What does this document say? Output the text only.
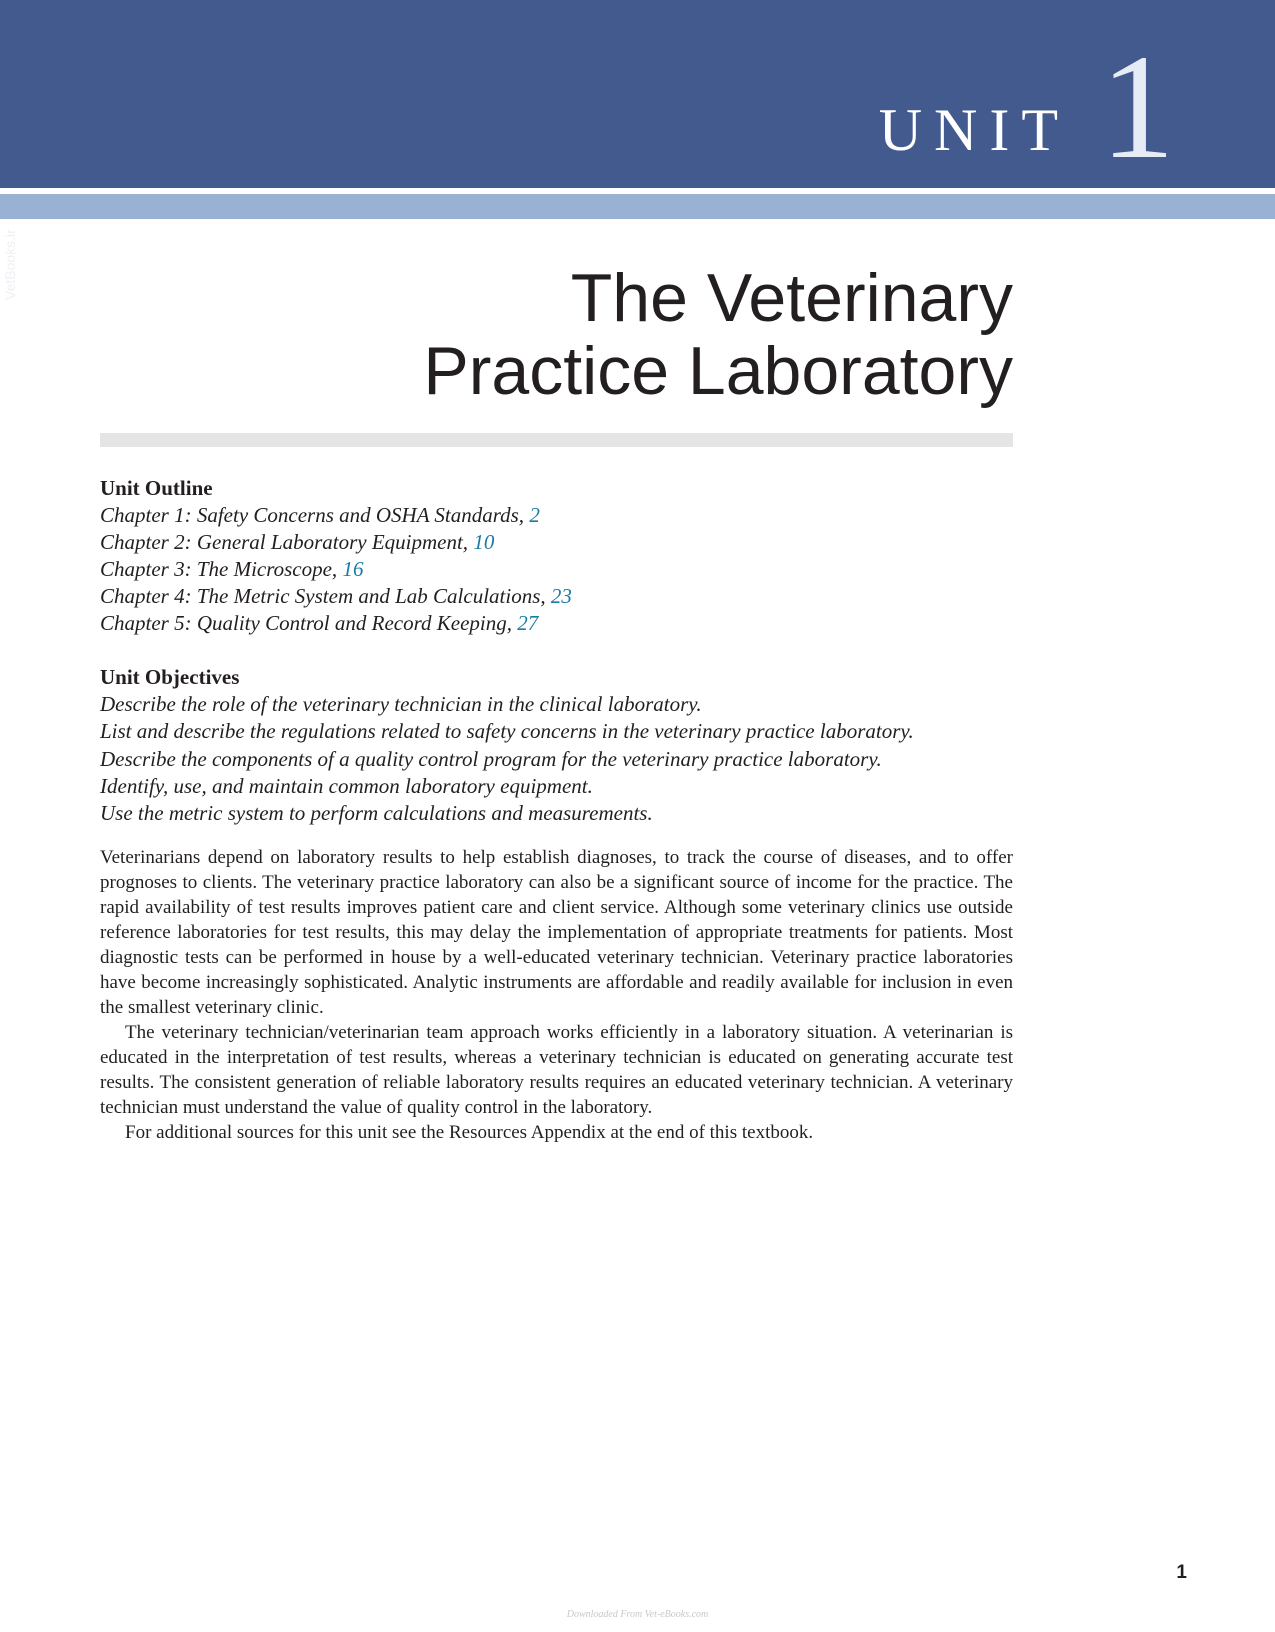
UNIT 1
VetBooks.ir	The Veterinary
Practice Laboratory
Unit Outline
Chapter 1: Safety Concerns and OSHA Standards, 2
Chapter 2: General Laboratory Equipment, 10
Chapter 3: The Microscope, 16
Chapter 4: The Metric System and Lab Calculations, 23
Chapter 5: Quality Control and Record Keeping, 27
Unit Objectives
Describe the role of the veterinary technician in the clinical laboratory.
List and describe the regulations related to safety concerns in the veterinary practice laboratory.
Describe the components of a quality control program for the veterinary practice laboratory.
Identify, use, and maintain common laboratory equipment.
Use the metric system to perform calculations and measurements.

Veterinarians depend on laboratory results to help establish diagnoses, to track the course of diseases, and to offer prognoses to clients. The veterinary practice laboratory can also be a significant source of income for the practice. The rapid availability of test results improves patient care and client service. Although some veterinary clinics use outside reference laboratories for test results, this may delay the implementation of appropriate treatments for patients. Most diagnostic tests can be performed in house by a well-educated veterinary technician. Veterinary practice laboratories have become increasingly sophisticated. Analytic instruments are affordable and readily available for inclusion in even the smallest veterinary clinic.

The veterinary technician/veterinarian team approach works efficiently in a laboratory situation. A veterinarian is educated in the interpretation of test results, whereas a veterinary technician is educated on generating accurate test results. The consistent generation of reliable laboratory results requires an educated veterinary technician. A veterinary technician must understand the value of quality control in the laboratory.

For additional sources for this unit see the Resources Appendix at the end of this textbook.

1
Downloaded From Vet-eBooks.com
